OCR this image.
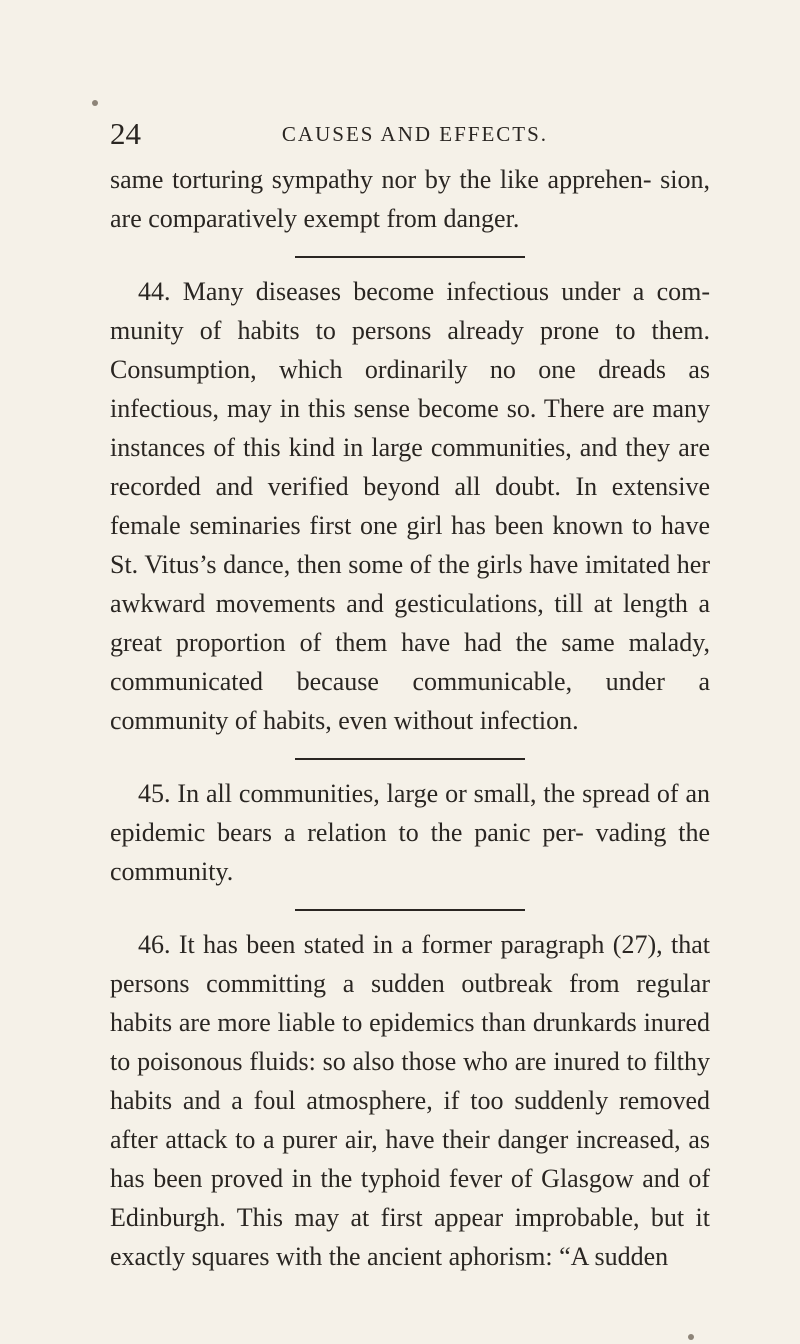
24	CAUSES AND EFFECTS.

same torturing sympathy nor by the like apprehen- sion, are comparatively exempt from danger.

44. Many diseases become infectious under a com- munity of habits to persons already prone to them. Consumption, which ordinarily no one dreads as infectious, may in this sense become so. There are many instances of this kind in large communities, and they are recorded and verified beyond all doubt. In extensive female seminaries first one girl has been known to have St. Vitus’s dance, then some of the girls have imitated her awkward movements and gesticulations, till at length a great proportion of them have had the same malady, communicated because communicable, under a community of habits, even without infection.

45. In all communities, large or small, the spread of an epidemic bears a relation to the panic per- vading the community.

46. It has been stated in a former paragraph (27), that persons committing a sudden outbreak from regular habits are more liable to epidemics than drunkards inured to poisonous fluids: so also those who are inured to filthy habits and a foul atmosphere, if too suddenly removed after attack to a purer air, have their danger increased, as has been proved in the typhoid fever of Glasgow and of Edinburgh. This may at first appear improbable, but it exactly squares with the ancient aphorism: “A sudden
